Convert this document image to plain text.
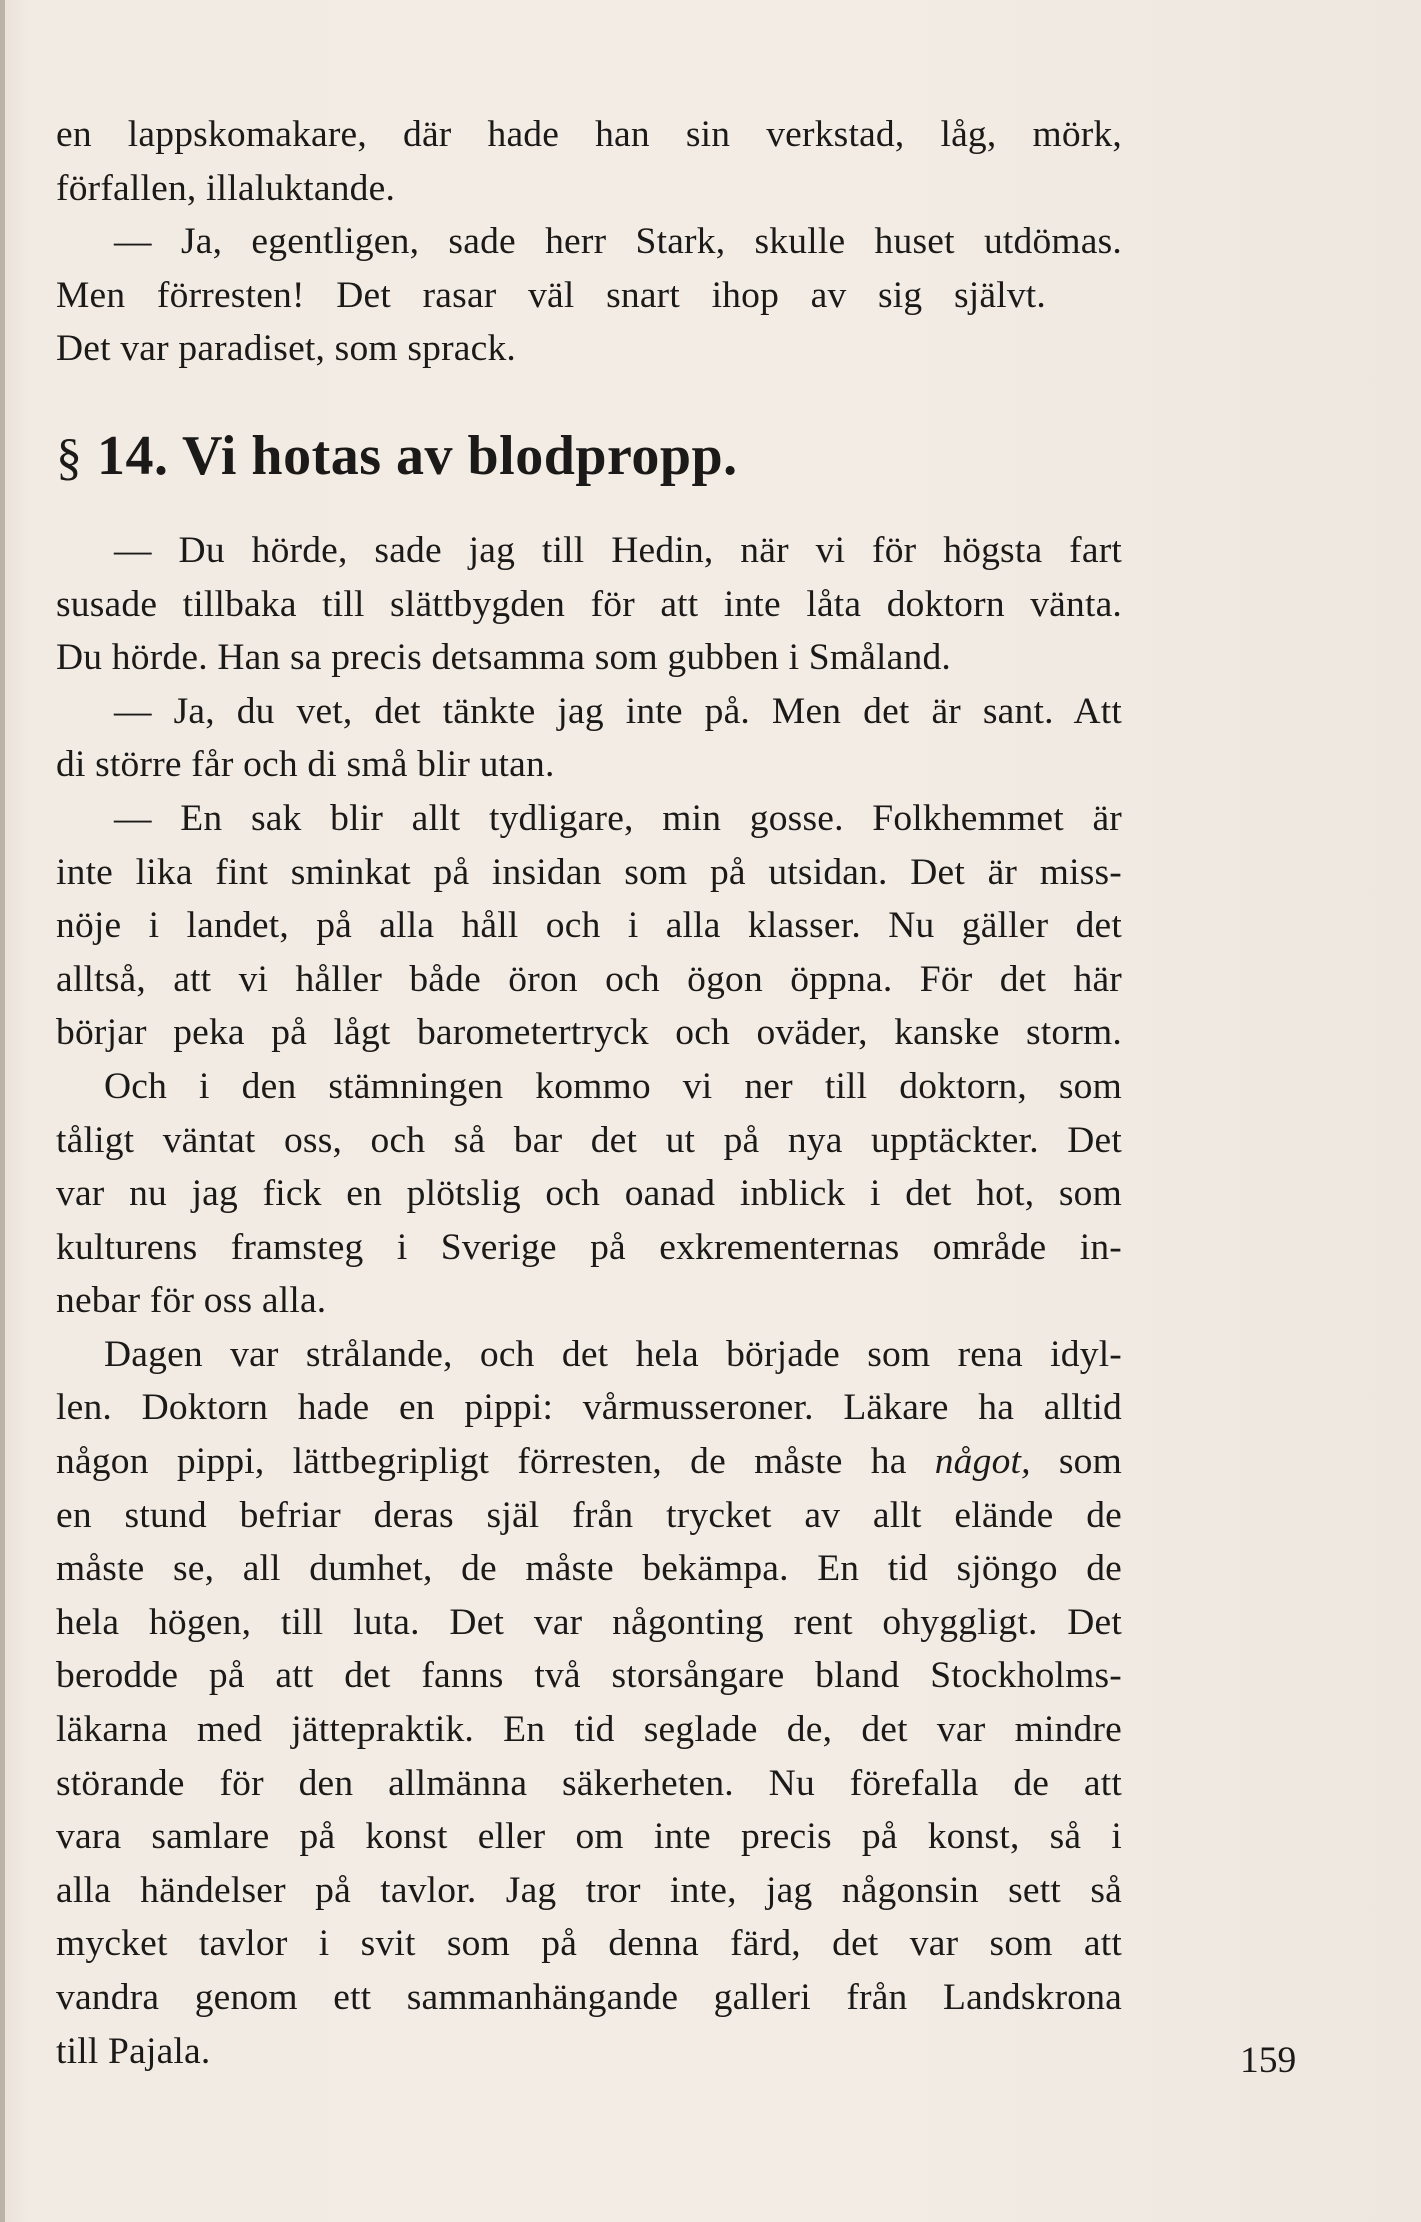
en lappskomakare, där hade han sin verkstad, låg, mörk,
förfallen, illaluktande.
— Ja, egentligen, sade herr Stark, skulle huset utdömas.
Men förresten! Det rasar väl snart ihop av sig självt.
Det var paradiset, som sprack.
§ 14. Vi hotas av blodpropp.
— Du hörde, sade jag till Hedin, när vi för högsta fart
susade tillbaka till slättbygden för att inte låta doktorn vänta.
Du hörde. Han sa precis detsamma som gubben i Småland.
— Ja, du vet, det tänkte jag inte på. Men det är sant. Att
di större får och di små blir utan.
— En sak blir allt tydligare, min gosse. Folkhemmet är
inte lika fint sminkat på insidan som på utsidan. Det är miss-
nöje i landet, på alla håll och i alla klasser. Nu gäller det
alltså, att vi håller både öron och ögon öppna. För det här
börjar peka på lågt barometertryck och oväder, kanske storm.
Och i den stämningen kommo vi ner till doktorn, som
tåligt väntat oss, och så bar det ut på nya upptäckter. Det
var nu jag fick en plötslig och oanad inblick i det hot, som
kulturens framsteg i Sverige på exkrementernas område in-
nebar för oss alla.
Dagen var strålande, och det hela började som rena idyl-
len. Doktorn hade en pippi: vårmusseroner. Läkare ha alltid
någon pippi, lättbegripligt förresten, de måste ha något, som
en stund befriar deras själ från trycket av allt elände de
måste se, all dumhet, de måste bekämpa. En tid sjöngo de
hela högen, till luta. Det var någonting rent ohyggligt. Det
berodde på att det fanns två storsångare bland Stockholms-
läkarna med jättepraktik. En tid seglade de, det var mindre
störande för den allmänna säkerheten. Nu förefalla de att
vara samlare på konst eller om inte precis på konst, så i
alla händelser på tavlor. Jag tror inte, jag någonsin sett så
mycket tavlor i svit som på denna färd, det var som att
vandra genom ett sammanhängande galleri från Landskrona
till Pajala.	159
